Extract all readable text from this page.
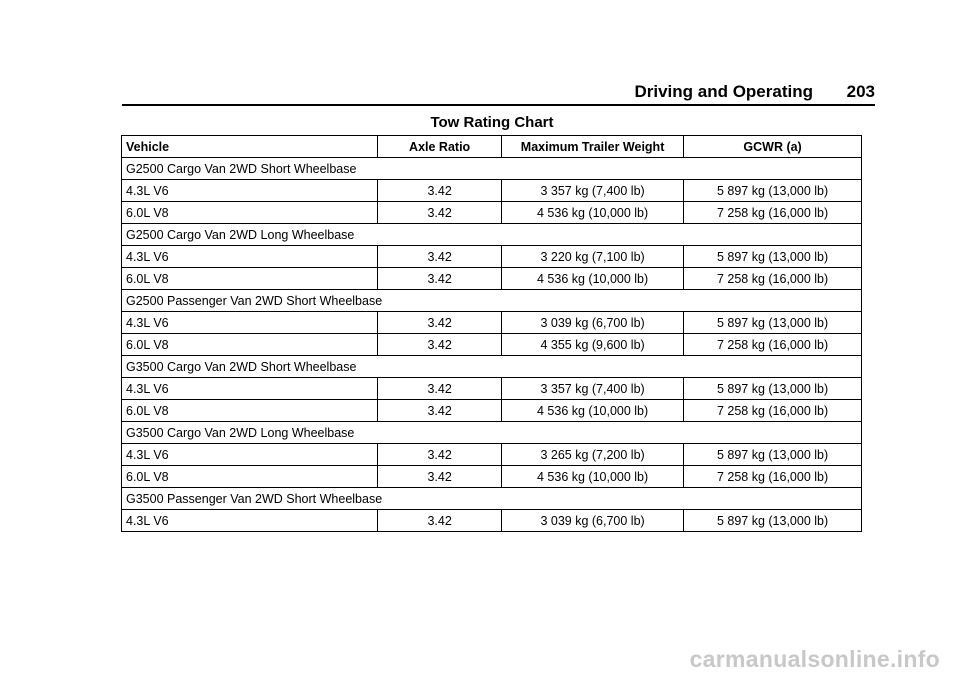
Driving and Operating 203
Tow Rating Chart
Vehicle	Axle Ratio	Maximum Trailer Weight	GCWR (a)
G2500 Cargo Van 2WD Short Wheelbase			
4.3L V6	3.42	3 357 kg (7,400 lb)	5 897 kg (13,000 lb)
6.0L V8	3.42	4 536 kg (10,000 lb)	7 258 kg (16,000 lb)
G2500 Cargo Van 2WD Long Wheelbase			
4.3L V6	3.42	3 220 kg (7,100 lb)	5 897 kg (13,000 lb)
6.0L V8	3.42	4 536 kg (10,000 lb)	7 258 kg (16,000 lb)
G2500 Passenger Van 2WD Short Wheelbase			
4.3L V6	3.42	3 039 kg (6,700 lb)	5 897 kg (13,000 lb)
6.0L V8	3.42	4 355 kg (9,600 lb)	7 258 kg (16,000 lb)
G3500 Cargo Van 2WD Short Wheelbase			
4.3L V6	3.42	3 357 kg (7,400 lb)	5 897 kg (13,000 lb)
6.0L V8	3.42	4 536 kg (10,000 lb)	7 258 kg (16,000 lb)
G3500 Cargo Van 2WD Long Wheelbase			
4.3L V6	3.42	3 265 kg (7,200 lb)	5 897 kg (13,000 lb)
6.0L V8	3.42	4 536 kg (10,000 lb)	7 258 kg (16,000 lb)
G3500 Passenger Van 2WD Short Wheelbase			
4.3L V6	3.42	3 039 kg (6,700 lb)	5 897 kg (13,000 lb)
carmanualsonline.info
